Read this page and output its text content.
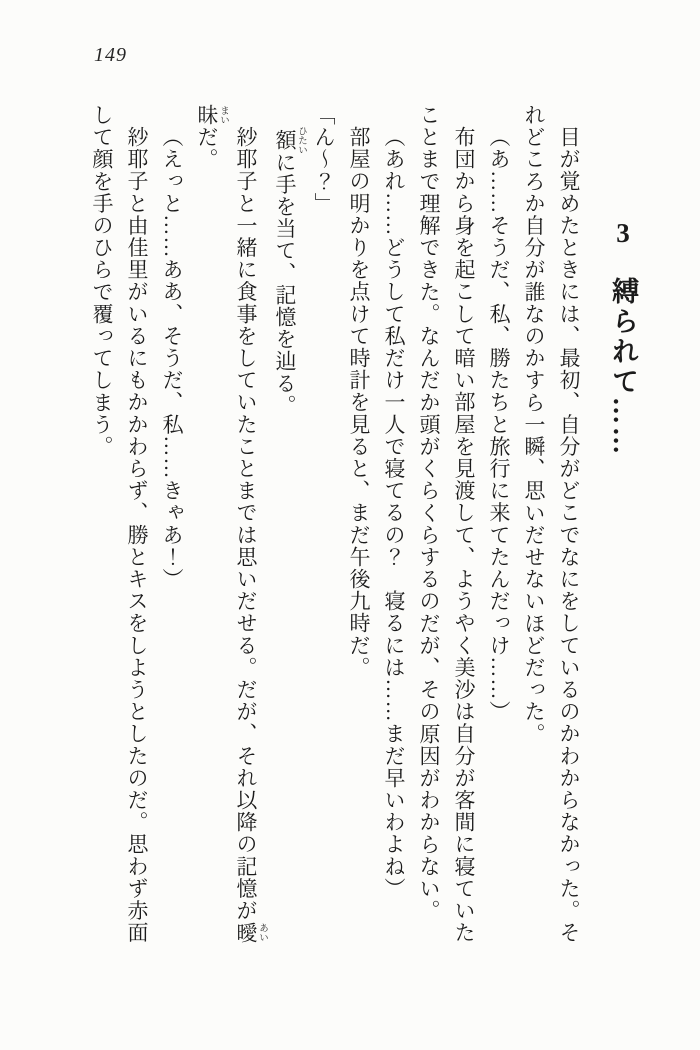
149
3縛られて……

目が覚めたときには、最初、自分がどこでなにをしているのかわからなかった。そ

れどころか自分が誰なのかすら一瞬、思いだせないほどだった。

（あ……そうだ、私、勝たちと旅行に来てたんだっけ……）

布団から身を起こして暗い部屋を見渡して、ようやく美沙は自分が客間に寝ていた

ことまで理解できた。なんだか頭がくらくらするのだが、その原因がわからない。

（あれ……どうして私だけ一人で寝てるの？　寝るには……まだ早いわよね）

部屋の明かりを点けて時計を見ると、まだ午後九時だ。

「ん～？」

額 ひたいに手を当て、記憶を辿る。

紗耶子と一緒に食事をしていたことまでは思いだせる。だが、それ以降の記憶が曖 あい

昧 まいだ。

（えっと……ああ、そうだ、私……きゃあ！）

紗耶子と由佳里がいるにもかかわらず、勝とキスをしようとしたのだ。思わず赤面

して顔を手のひらで覆ってしまう。
